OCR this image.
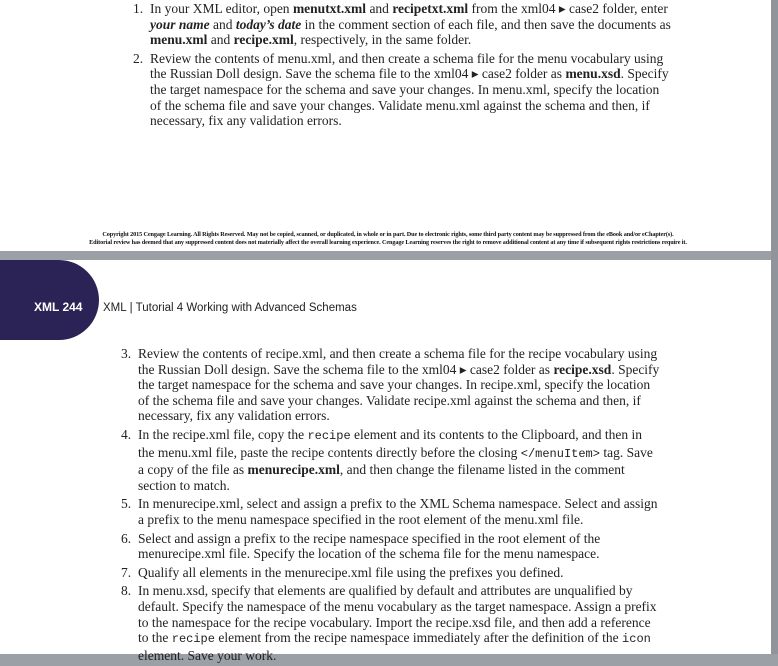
1. In your XML editor, open menutxt.xml and recipetxt.xml from the xml04 ▸ case2 folder, enter your name and today’s date in the comment section of each file, and then save the documents as menu.xml and recipe.xml, respectively, in the same folder.
2. Review the contents of menu.xml, and then create a schema file for the menu vocabulary using the Russian Doll design. Save the schema file to the xml04 ▸ case2 folder as menu.xsd. Specify the target namespace for the schema and save your changes. In menu.xml, specify the location of the schema file and save your changes. Validate menu.xml against the schema and then, if necessary, fix any validation errors.
Copyright 2015 Cengage Learning. All Rights Reserved. May not be copied, scanned, or duplicated, in whole or in part. Due to electronic rights, some third party content may be suppressed from the eBook and/or eChapter(s).
Editorial review has deemed that any suppressed content does not materially affect the overall learning experience. Cengage Learning reserves the right to remove additional content at any time if subsequent rights restrictions require it.
XML 244 XML | Tutorial 4 Working with Advanced Schemas
3. Review the contents of recipe.xml, and then create a schema file for the recipe vocabulary using the Russian Doll design. Save the schema file to the xml04 ▸ case2 folder as recipe.xsd. Specify the target namespace for the schema and save your changes. In recipe.xml, specify the location of the schema file and save your changes. Validate recipe.xml against the schema and then, if necessary, fix any validation errors.
4. In the recipe.xml file, copy the recipe element and its contents to the Clipboard, and then in the menu.xml file, paste the recipe contents directly before the closing </menuItem> tag. Save a copy of the file as menurecipe.xml, and then change the filename listed in the comment section to match.
5. In menurecipe.xml, select and assign a prefix to the XML Schema namespace. Select and assign a prefix to the menu namespace specified in the root element of the menu.xml file.
6. Select and assign a prefix to the recipe namespace specified in the root element of the menurecipe.xml file. Specify the location of the schema file for the menu namespace.
7. Qualify all elements in the menurecipe.xml file using the prefixes you defined.
8. In menu.xsd, specify that elements are qualified by default and attributes are unqualified by default. Specify the namespace of the menu vocabulary as the target namespace. Assign a prefix to the namespace for the recipe vocabulary. Import the recipe.xsd file, and then add a reference to the recipe element from the recipe namespace immediately after the definition of the icon element. Save your work.
